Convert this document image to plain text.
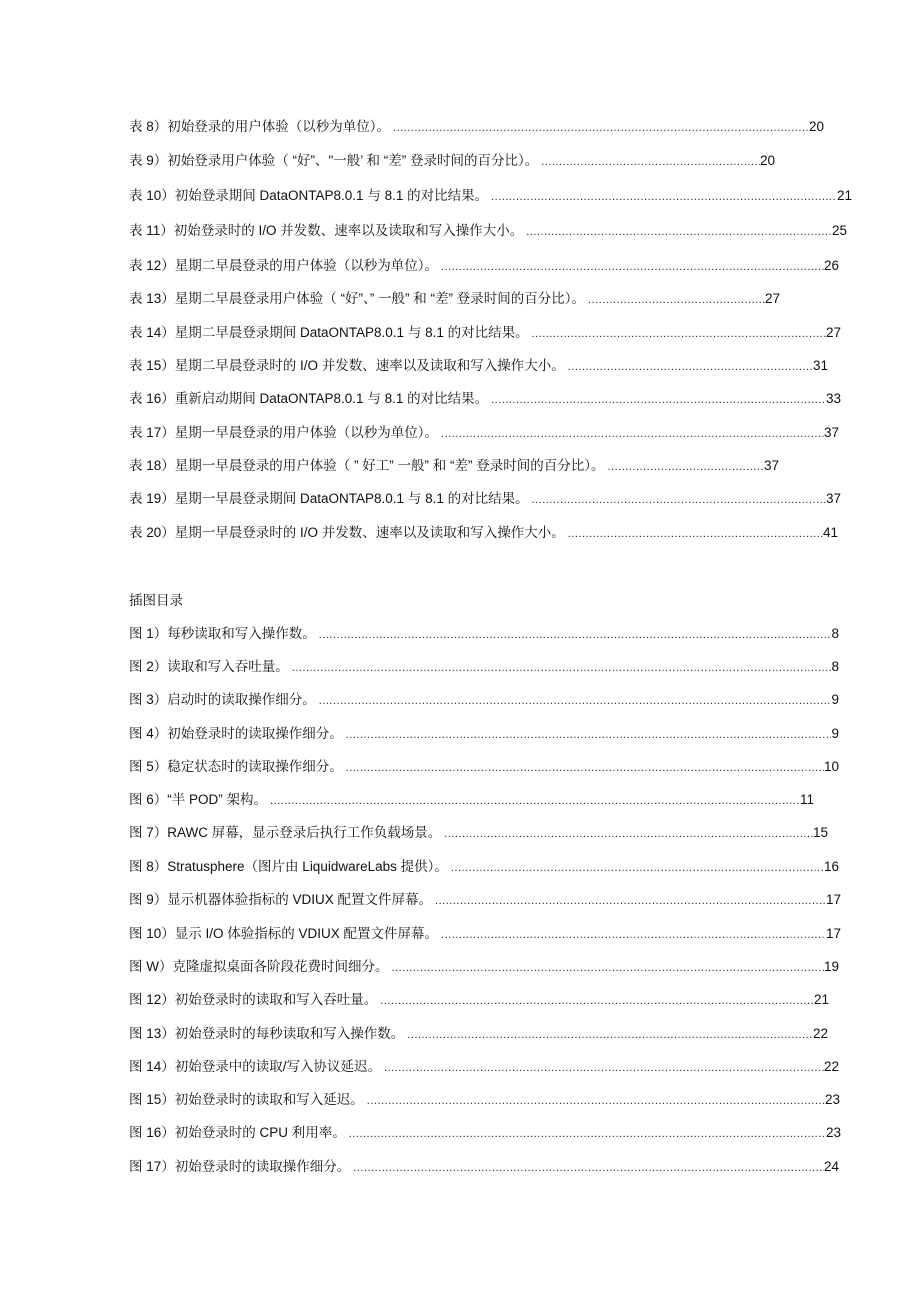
表 8）初始登录的用户体验（以秒为单位）。 .....	20
表 9）初始登录用户体验（ “好”、"一般’ 和 “差” 登录时间的百分比）。 .....	20
表 10）初始登录期间 DataONTAP8.0.1 与 8.1 的对比结果。 .....	21
表 11）初始登录时的 I/O 并发数、速率以及读取和写入操作大小。 .....	25
表 12）星期二早晨登录的用户体验（以秒为单位）。 .....	26
表 13）星期二早晨登录用户体验（ “好”、” 一般” 和 “差” 登录时间的百分比）。 .....	27
表 14）星期二早晨登录期间 DataONTAP8.0.1 与 8.1 的对比结果。 .....	27
表 15）星期二早晨登录时的 I/O 并发数、速率以及读取和写入操作大小。 .....	31
表 16）重新启动期间 DataONTAP8.0.1 与 8.1 的对比结果。 .....	33
表 17）星期一早晨登录的用户体验（以秒为单位）。 .....	37
表 18）星期一早晨登录的用户体验（ ” 好工” 一般” 和 “差” 登录时间的百分比）。 .....	37
表 19）星期一早晨登录期间 DataONTAP8.0.1 与 8.1 的对比结果。 .....	37
表 20）星期一早晨登录时的 I/O 并发数、速率以及读取和写入操作大小。 .....	41
插图目录
图 1）每秒读取和写入操作数。 .....	8
图 2）读取和写入吞吐量。 .....	8
图 3）启动时的读取操作细分。 .....	9
图 4）初始登录时的读取操作细分。 .....	9
图 5）稳定状态时的读取操作细分。 .....	10
图 6）“半 POD” 架构。 .....	11
图 7）RAWC 屏幕，显示登录后执行工作负载场景。 .....	15
图 8）Stratusphere（图片由 LiquidwareLabs 提供）。 .....	16
图 9）显示机器体验指标的 VDIUX 配置文件屏幕。 .....	17
图 10）显示 I/O 体验指标的 VDIUX 配置文件屏幕。 .....	17
图 W）克隆虚拟桌面各阶段花费时间细分。 .....	19
图 12）初始登录时的读取和写入吞吐量。 .....	21
图 13）初始登录时的每秒读取和写入操作数。 .....	22
图 14）初始登录中的读取/写入协议延迟。 .....	22
图 15）初始登录时的读取和写入延迟。 .....	23
图 16）初始登录时的 CPU 利用率。 .....	23
图 17）初始登录时的读取操作细分。 .....	24
